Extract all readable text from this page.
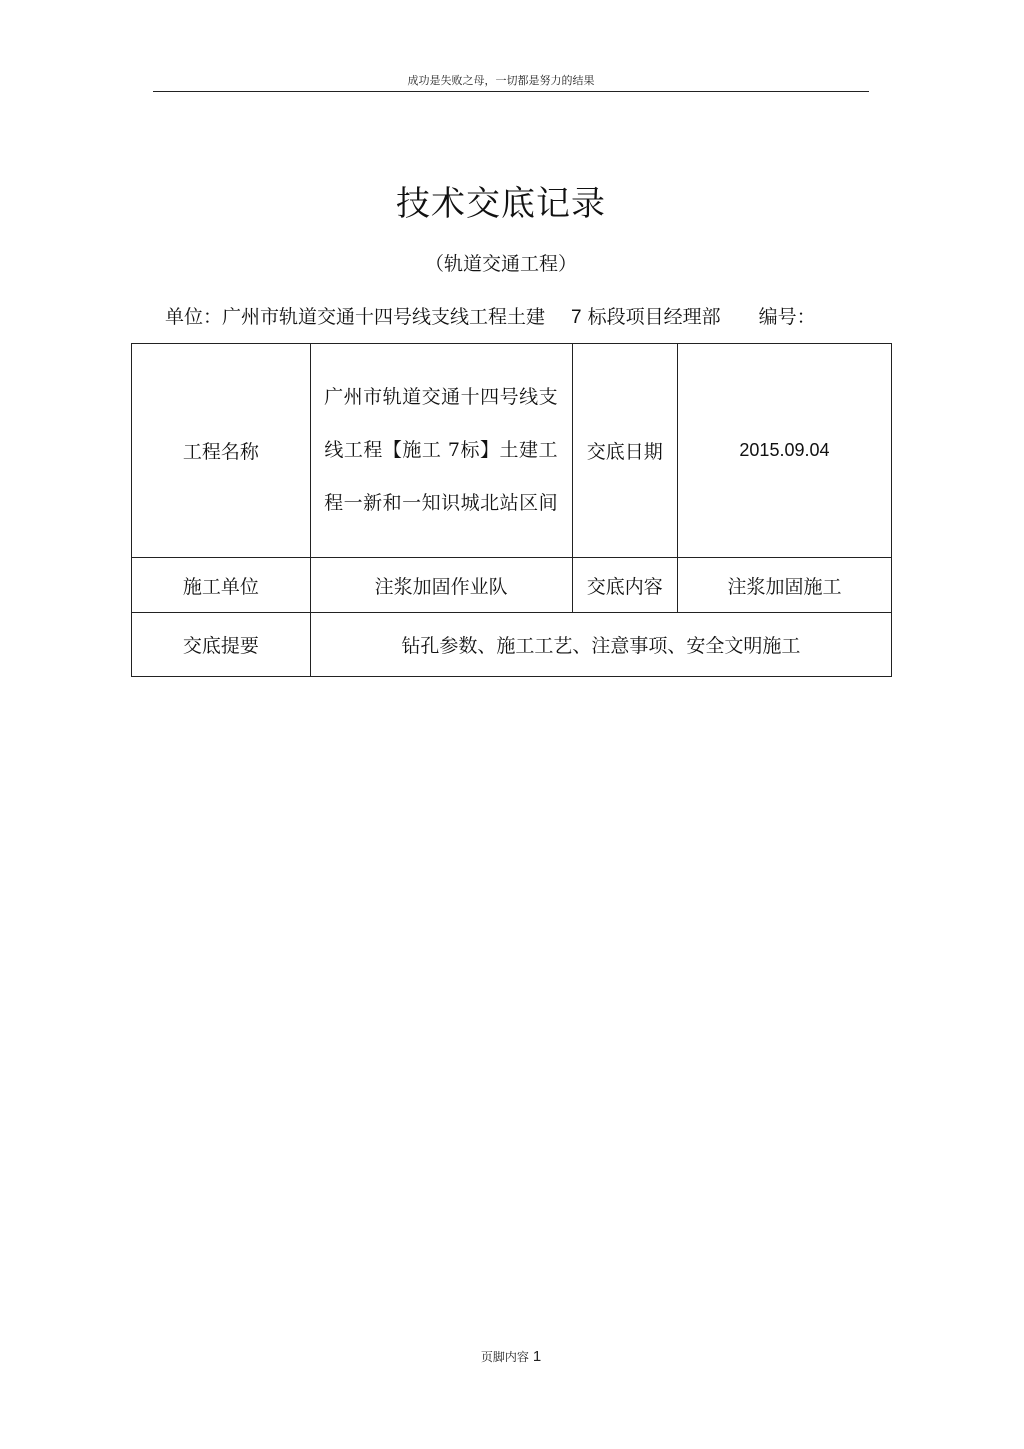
成功是失败之母，一切都是努力的结果
技术交底记录
（轨道交通工程）
单位：广州市轨道交通十四号线支线工程土建 7 标段项目经理部 编号：
工程名称	广州市轨道交通十四号线支线工程【施工 7标】土建工程一新和一知识城北站区间	交底日期	2015.09.04
施工单位	注浆加固作业队	交底内容	注浆加固施工
交底提要	钻孔参数、施工工艺、注意事项、安全文明施工		
页脚内容 1
